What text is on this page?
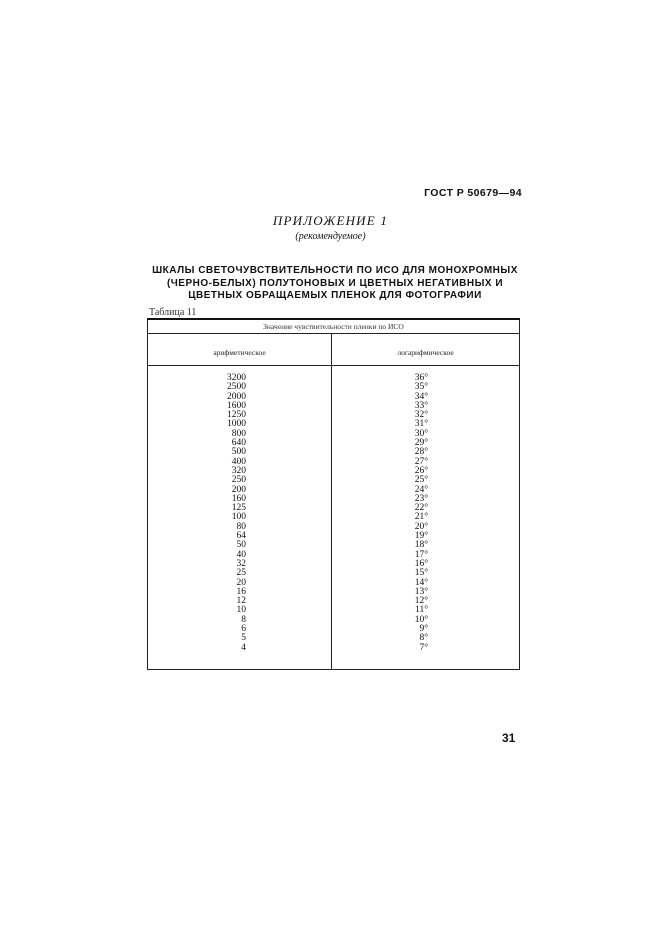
ГОСТ Р 50679—94
ПРИЛОЖЕНИЕ 1
(рекомендуемое)
ШКАЛЫ СВЕТОЧУВСТВИТЕЛЬНОСТИ ПО ИСО ДЛЯ МОНОХРОМНЫХ
(ЧЕРНО-БЕЛЫХ) ПОЛУТОНОВЫХ И ЦВЕТНЫХ НЕГАТИВНЫХ И
ЦВЕТНЫХ ОБРАЩАЕМЫХ ПЛЕНОК ДЛЯ ФОТОГРАФИИ
Таблица 11
Значение чувствительности пленки по ИСО
арифметическое	логарифмическое
3200
2500
2000
1600
1250
1000
800
640
500
400
320
250
200
160
125
100
80
64
50
40
32
25
20
16
12
10
8
6
5
4
36°
35°
34°
33°
32°
31°
30°
29°
28°
27°
26°
25°
24°
23°
22°
21°
20°
19°
18°
17°
16°
15°
14°
13°
12°
11°
10°
9°
8°
7°
31
